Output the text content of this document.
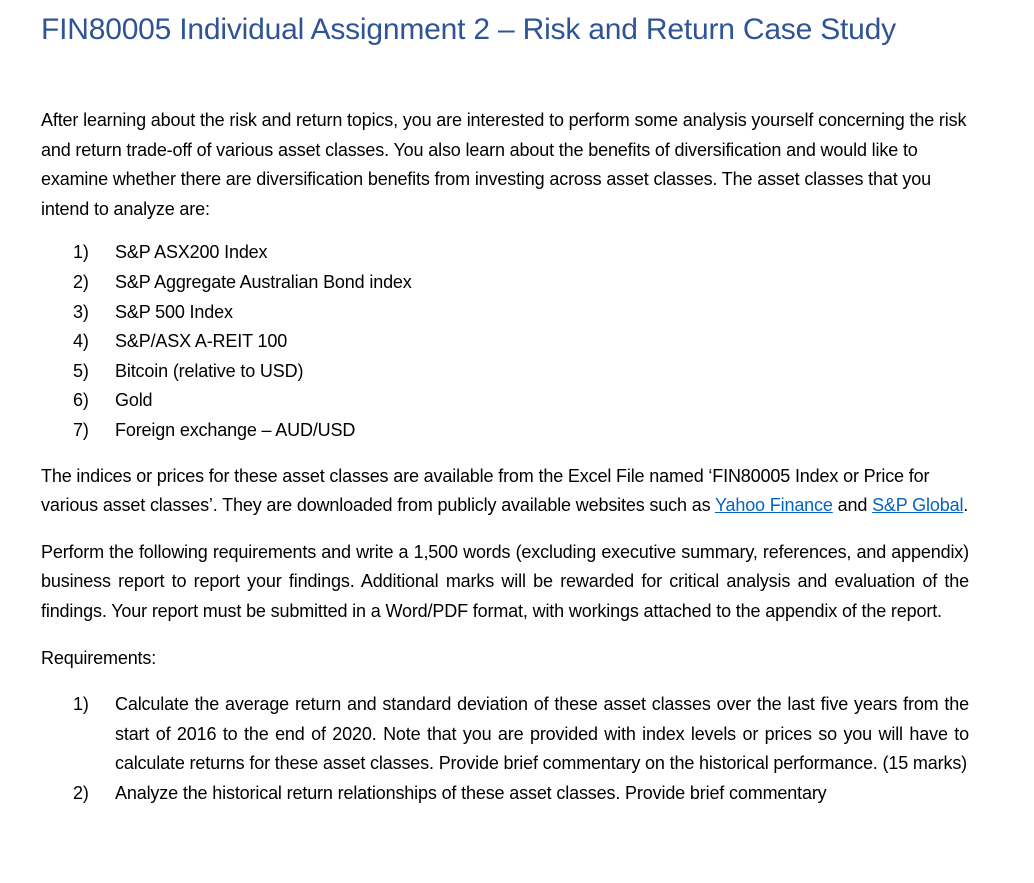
FIN80005 Individual Assignment 2 – Risk and Return Case Study

After learning about the risk and return topics, you are interested to perform some analysis yourself concerning the risk and return trade-off of various asset classes. You also learn about the benefits of diversification and would like to examine whether there are diversification benefits from investing across asset classes. The asset classes that you intend to analyze are:

1)	S&P ASX200 Index
2)	S&P Aggregate Australian Bond index
3)	S&P 500 Index
4)	S&P/ASX A-REIT 100
5)	Bitcoin (relative to USD)
6)	Gold
7)	Foreign exchange – AUD/USD

The indices or prices for these asset classes are available from the Excel File named ‘FIN80005 Index or Price for various asset classes’. They are downloaded from publicly available websites such as Yahoo Finance and S&P Global.

Perform the following requirements and write a 1,500 words (excluding executive summary, references, and appendix) business report to report your findings. Additional marks will be rewarded for critical analysis and evaluation of the findings. Your report must be submitted in a Word/PDF format, with workings attached to the appendix of the report.

Requirements:

1)	Calculate the average return and standard deviation of these asset classes over the last five years from the start of 2016 to the end of 2020. Note that you are provided with index levels or prices so you will have to calculate returns for these asset classes. Provide brief commentary on the historical performance. (15 marks)
2)	Analyze the historical return relationships of these asset classes. Provide brief commentary
